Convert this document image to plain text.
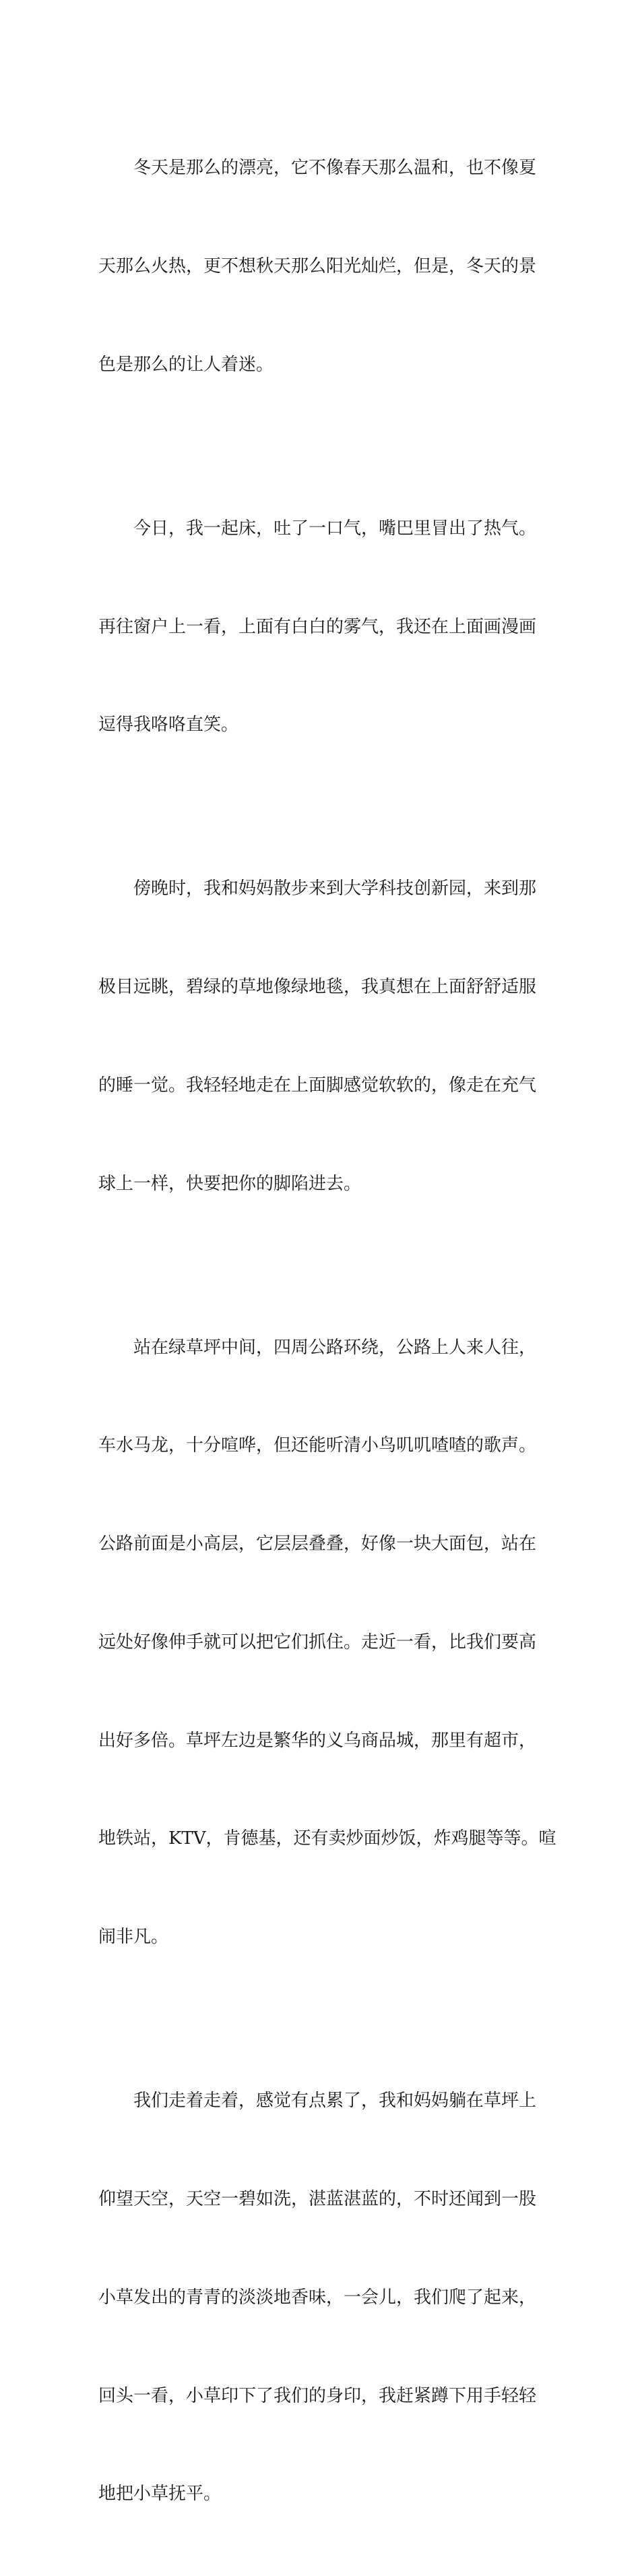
冬天是那么的漂亮，它不像春天那么温和，也不像夏

天那么火热，更不想秋天那么阳光灿烂，但是，冬天的景

色是那么的让人着迷。

今日，我一起床，吐了一口气，嘴巴里冒出了热气。

再往窗户上一看，上面有白白的雾气，我还在上面画漫画

逗得我咯咯直笑。

傍晚时，我和妈妈散步来到大学科技创新园，来到那

极目远眺，碧绿的草地像绿地毯，我真想在上面舒舒适服

的睡一觉。我轻轻地走在上面脚感觉软软的，像走在充气

球上一样，快要把你的脚陷进去。

站在绿草坪中间，四周公路环绕，公路上人来人往，

车水马龙，十分喧哗，但还能听清小鸟叽叽喳喳的歌声。

公路前面是小高层，它层层叠叠，好像一块大面包，站在

远处好像伸手就可以把它们抓住。走近一看，比我们要高

出好多倍。草坪左边是繁华的义乌商品城，那里有超市，

地铁站，KTV，肯德基，还有卖炒面炒饭，炸鸡腿等等。喧

闹非凡。

我们走着走着，感觉有点累了，我和妈妈躺在草坪上

仰望天空，天空一碧如洗，湛蓝湛蓝的，不时还闻到一股

小草发出的青青的淡淡地香味，一会儿，我们爬了起来，

回头一看，小草印下了我们的身印，我赶紧蹲下用手轻轻

地把小草抚平。
